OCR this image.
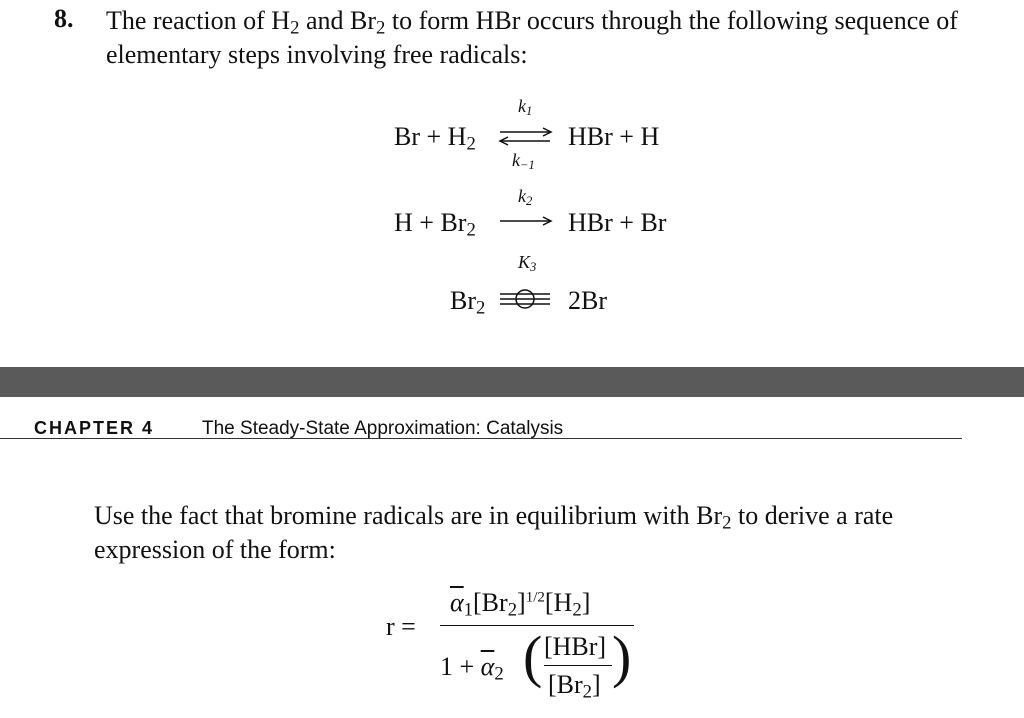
8. The reaction of $H_2$ and $Br_2$ to form HBr occurs through the following sequence of elementary steps involving free radicals:
$Br + H_2$
$k_1$
$k_{-1}$
HBr + H
$H + Br_2$
$k_2$
HBr + Br
$K_3$
$Br_2$	2Br
CHAPTER 4	The Steady-State Approximation: Catalysis
Use the fact that bromine radicals are in equilibrium with $Br_2$ to derive a rate expression of the form:
r =
$\overline{\alpha}_1[Br_2]^{1/2}[H_2]$
$1 + \overline{\alpha}_2$ ( [HBr]
$[Br_2]$ )
